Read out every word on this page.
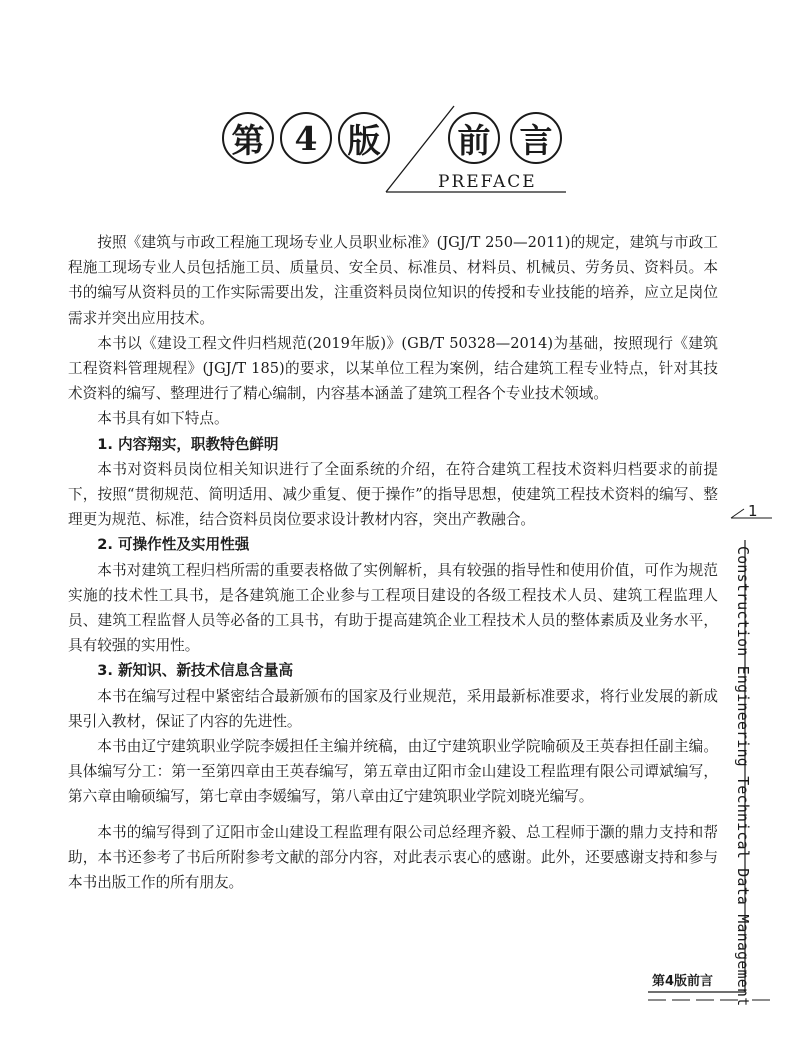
第 4 版 前 言
PREFACE

按照《建筑与市政工程施工现场专业人员职业标准》(JGJ/T 250—2011)的规定，建筑与市政工程施工现场专业人员包括施工员、质量员、安全员、标准员、材料员、机械员、劳务员、资料员。本书的编写从资料员的工作实际需要出发，注重资料员岗位知识的传授和专业技能的培养，应立足岗位需求并突出应用技术。

本书以《建设工程文件归档规范(2019年版)》(GB/T 50328—2014)为基础，按照现行《建筑工程资料管理规程》(JGJ/T 185)的要求，以某单位工程为案例，结合建筑工程专业特点，针对其技术资料的编写、整理进行了精心编制，内容基本涵盖了建筑工程各个专业技术领域。

本书具有如下特点。

1. 内容翔实，职教特色鲜明

本书对资料员岗位相关知识进行了全面系统的介绍，在符合建筑工程技术资料归档要求的前提下，按照“贯彻规范、简明适用、减少重复、便于操作”的指导思想，使建筑工程技术资料的编写、整理更为规范、标准，结合资料员岗位要求设计教材内容，突出产教融合。

2. 可操作性及实用性强

本书对建筑工程归档所需的重要表格做了实例解析，具有较强的指导性和使用价值，可作为规范实施的技术性工具书，是各建筑施工企业参与工程项目建设的各级工程技术人员、建筑工程监理人员、建筑工程监督人员等必备的工具书，有助于提高建筑企业工程技术人员的整体素质及业务水平，具有较强的实用性。

3. 新知识、新技术信息含量高

本书在编写过程中紧密结合最新颁布的国家及行业规范，采用最新标准要求，将行业发展的新成果引入教材，保证了内容的先进性。

本书由辽宁建筑职业学院李媛担任主编并统稿，由辽宁建筑职业学院喻硕及王英春担任副主编。具体编写分工：第一至第四章由王英春编写，第五章由辽阳市金山建设工程监理有限公司谭斌编写，第六章由喻硕编写，第七章由李媛编写，第八章由辽宁建筑职业学院刘晓光编写。

本书的编写得到了辽阳市金山建设工程监理有限公司总经理齐毅、总工程师于灏的鼎力支持和帮助，本书还参考了书后所附参考文献的部分内容，对此表示衷心的感谢。此外，还要感谢支持和参与本书出版工作的所有朋友。

1
Construction Engineering Technical Data Management
第4版前言
